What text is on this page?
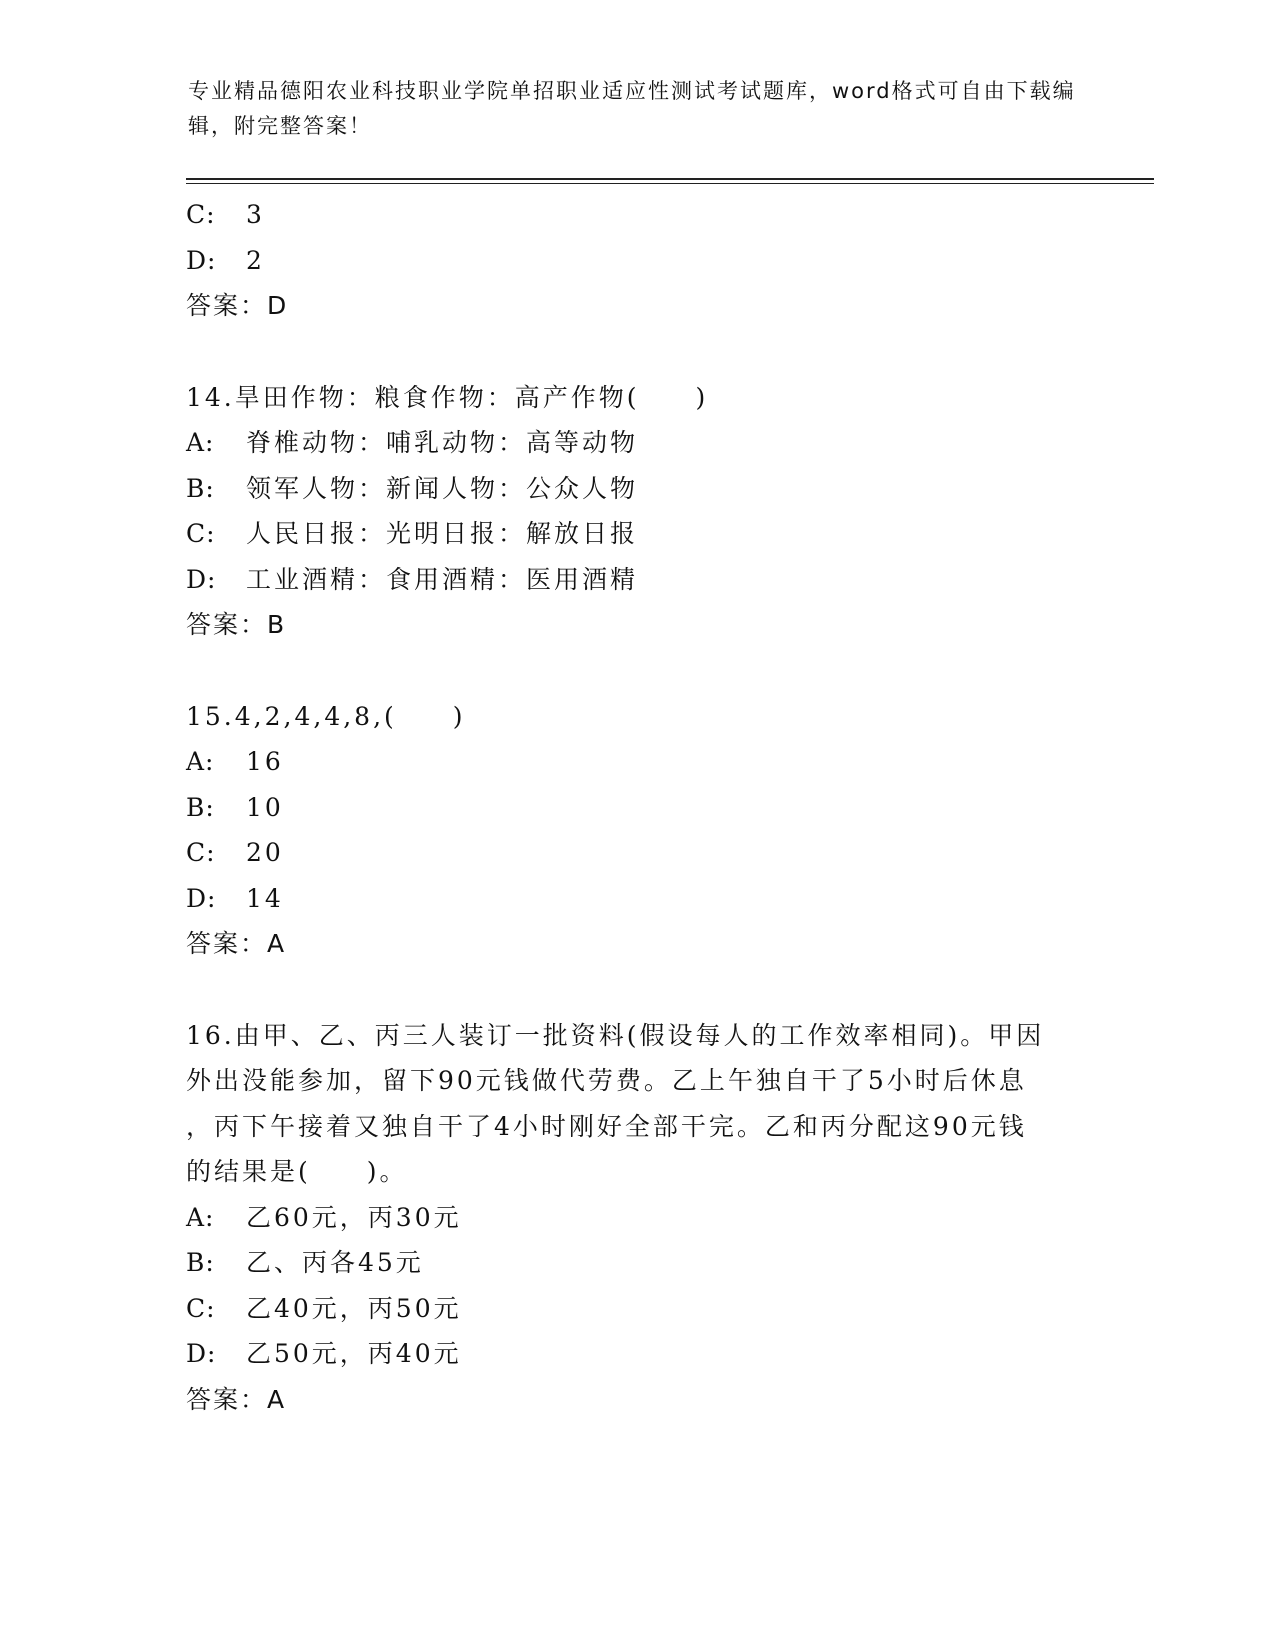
专业精品德阳农业科技职业学院单招职业适应性测试考试题库，word格式可自由下载编辑，附完整答案！
C: 3
D: 2
答案：D
14.旱田作物：粮食作物：高产作物(　　)
A: 脊椎动物：哺乳动物：高等动物
B: 领军人物：新闻人物：公众人物
C: 人民日报：光明日报：解放日报
D: 工业酒精：食用酒精：医用酒精
答案：B
15.4,2,4,4,8,(　　)
A: 16
B: 10
C: 20
D: 14
答案：A
16.由甲、乙、丙三人装订一批资料(假设每人的工作效率相同)。甲因
外出没能参加，留下90元钱做代劳费。乙上午独自干了5小时后休息
，丙下午接着又独自干了4小时刚好全部干完。乙和丙分配这90元钱
的结果是(　　)。
A: 乙60元，丙30元
B: 乙、丙各45元
C: 乙40元，丙50元
D: 乙50元，丙40元
答案：A
